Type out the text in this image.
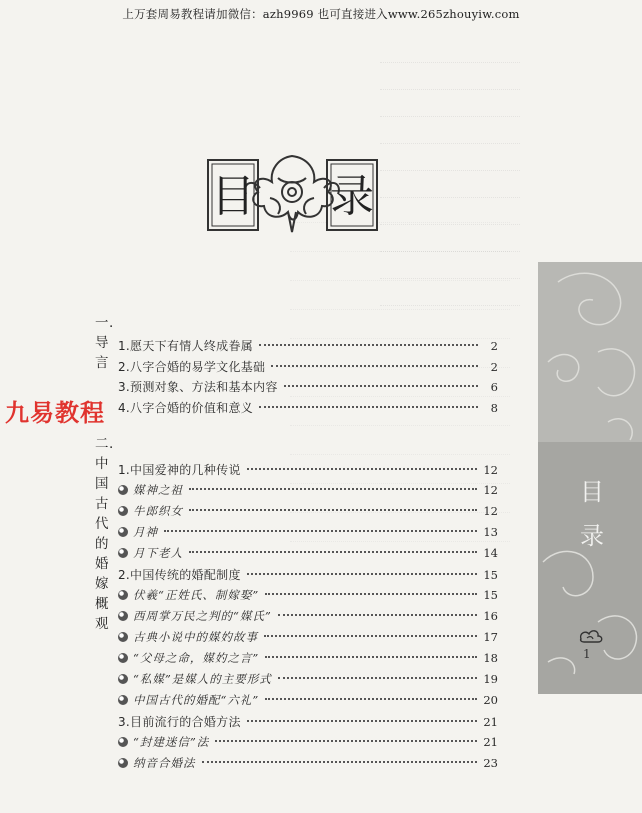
上万套周易教程请加微信：azh9969 也可直接进入www.265zhouyiw.com
目 录
目
录
1
一.导言
二.中国古代的婚嫁概观
1.愿天下有情人终成眷属	2
2.八字合婚的易学文化基础	2
3.预测对象、方法和基本内容	6
4.八字合婚的价值和意义	8
1.中国爱神的几种传说	12
媒神之祖	12
牛郎织女	12
月神	13
月下老人	14
2.中国传统的婚配制度	15
伏羲“正姓氏、制嫁娶”	15
西周掌万民之判的“媒氏”	16
古典小说中的媒妁故事	17
“父母之命，媒妁之言”	18
“私媒”是媒人的主要形式	19
中国古代的婚配“六礼”	20
3.目前流行的合婚方法	21
“封建迷信”法	21
纳音合婚法	23
九易教程
